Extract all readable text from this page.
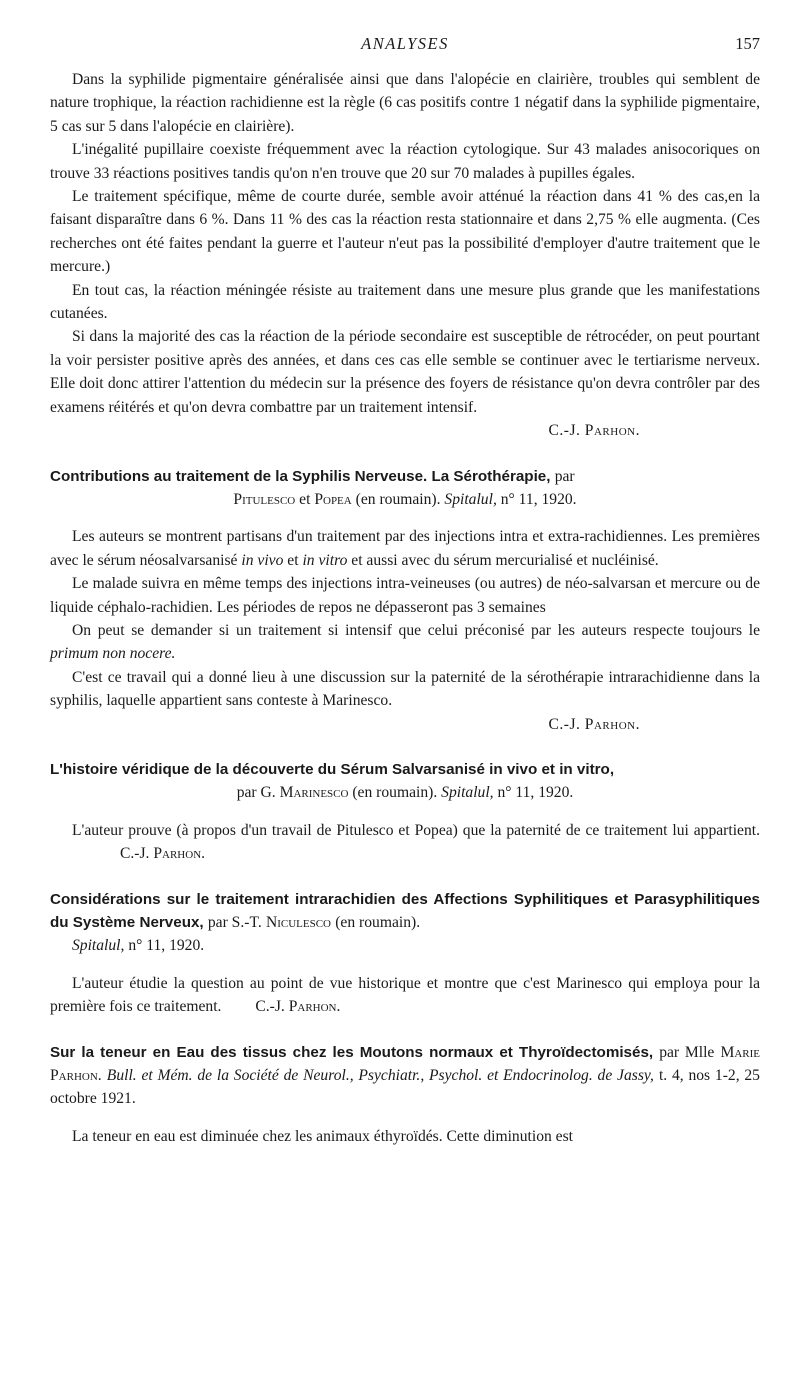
ANALYSES	157

Dans la syphilide pigmentaire généralisée ainsi que dans l'alopécie en clairière, troubles qui semblent de nature trophique, la réaction rachidienne est la règle (6 cas positifs contre 1 négatif dans la syphilide pigmentaire, 5 cas sur 5 dans l'alopécie en clairière).

L'inégalité pupillaire coexiste fréquemment avec la réaction cytologique. Sur 43 malades anisocoriques on trouve 33 réactions positives tandis qu'on n'en trouve que 20 sur 70 malades à pupilles égales.

Le traitement spécifique, même de courte durée, semble avoir atténué la réaction dans 41 % des cas,en la faisant disparaître dans 6 %. Dans 11 % des cas la réaction resta stationnaire et dans 2,75 % elle augmenta. (Ces recherches ont été faites pendant la guerre et l'auteur n'eut pas la possibilité d'employer d'autre traitement que le mercure.)

En tout cas, la réaction méningée résiste au traitement dans une mesure plus grande que les manifestations cutanées.

Si dans la majorité des cas la réaction de la période secondaire est susceptible de rétrocéder, on peut pourtant la voir persister positive après des années, et dans ces cas elle semble se continuer avec le tertiarisme nerveux. Elle doit donc attirer l'attention du médecin sur la présence des foyers de résistance qu'on devra contrôler par des examens réitérés et qu'on devra combattre par un traitement intensif.

C.-J. Parhon.

Contributions au traitement de la Syphilis Nerveuse. La Sérothérapie, par

Pitulesco et Popea (en roumain). Spitalul, n° 11, 1920.

Les auteurs se montrent partisans d'un traitement par des injections intra et extra-rachidiennes. Les premières avec le sérum néosalvarsanisé in vivo et in vitro et aussi avec du sérum mercurialisé et nucléinisé.

Le malade suivra en même temps des injections intra-veineuses (ou autres) de néo-salvarsan et mercure ou de liquide céphalo-rachidien. Les périodes de repos ne dépasseront pas 3 semaines

On peut se demander si un traitement si intensif que celui préconisé par les auteurs respecte toujours le primum non nocere.

C'est ce travail qui a donné lieu à une discussion sur la paternité de la sérothérapie intrarachidienne dans la syphilis, laquelle appartient sans conteste à Marinesco.

C.-J. Parhon.

L'histoire véridique de la découverte du Sérum Salvarsanisé in vivo et in vitro,

par G. Marinesco (en roumain). Spitalul, n° 11, 1920.

L'auteur prouve (à propos d'un travail de Pitulesco et Popea) que la paternité de ce traitement lui appartient. C.-J. Parhon.

Considérations sur le traitement intrarachidien des Affections Syphilitiques et Parasyphilitiques du Système Nerveux, par S.-T. Niculesco (en roumain).

Spitalul, n° 11, 1920.

L'auteur étudie la question au point de vue historique et montre que c'est Marinesco qui employa pour la première fois ce traitement. C.-J. Parhon.

Sur la teneur en Eau des tissus chez les Moutons normaux et Thyroïdectomisés, par Mlle Marie Parhon. Bull. et Mém. de la Société de Neurol., Psychiatr., Psychol. et Endocrinolog. de Jassy, t. 4, nos 1-2, 25 octobre 1921.

La teneur en eau est diminuée chez les animaux éthyroïdés. Cette diminution est
